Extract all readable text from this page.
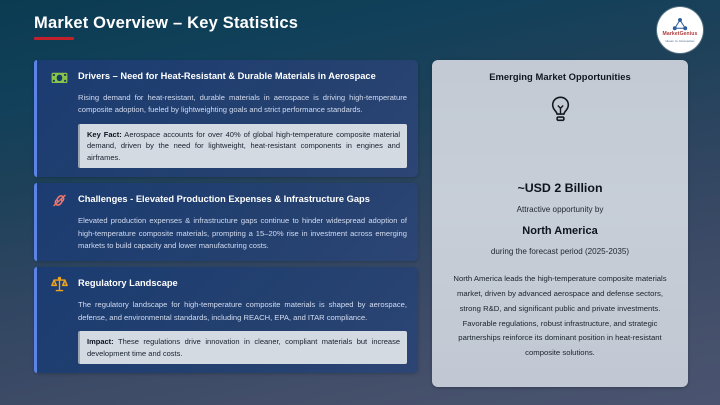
Market Overview – Key Statistics
MarketGenius
Ideas to Innovation
Drivers – Need for Heat-Resistant & Durable Materials in Aerospace
Rising demand for heat-resistant, durable materials in aerospace is driving high-temperature composite adoption, fueled by lightweighting goals and strict performance standards.
Key Fact: Aerospace accounts for over 40% of global high-temperature composite material demand, driven by the need for lightweight, heat-resistant components in engines and airframes.
Challenges - Elevated Production Expenses & Infrastructure Gaps
Elevated production expenses & infrastructure gaps continue to hinder widespread adoption of high-temperature composite materials, prompting a 15–20% rise in investment across emerging markets to build capacity and lower manufacturing costs.
Regulatory Landscape
The regulatory landscape for high-temperature composite materials is shaped by aerospace, defense, and environmental standards, including REACH, EPA, and ITAR compliance.
Impact: These regulations drive innovation in cleaner, compliant materials but increase development time and costs.
Emerging Market Opportunities
~USD 2 Billion
Attractive opportunity by
North America
during the forecast period (2025-2035)
North America leads the high-temperature composite materials market, driven by advanced aerospace and defense sectors, strong R&D, and significant public and private investments. Favorable regulations, robust infrastructure, and strategic partnerships reinforce its dominant position in heat-resistant composite solutions.
